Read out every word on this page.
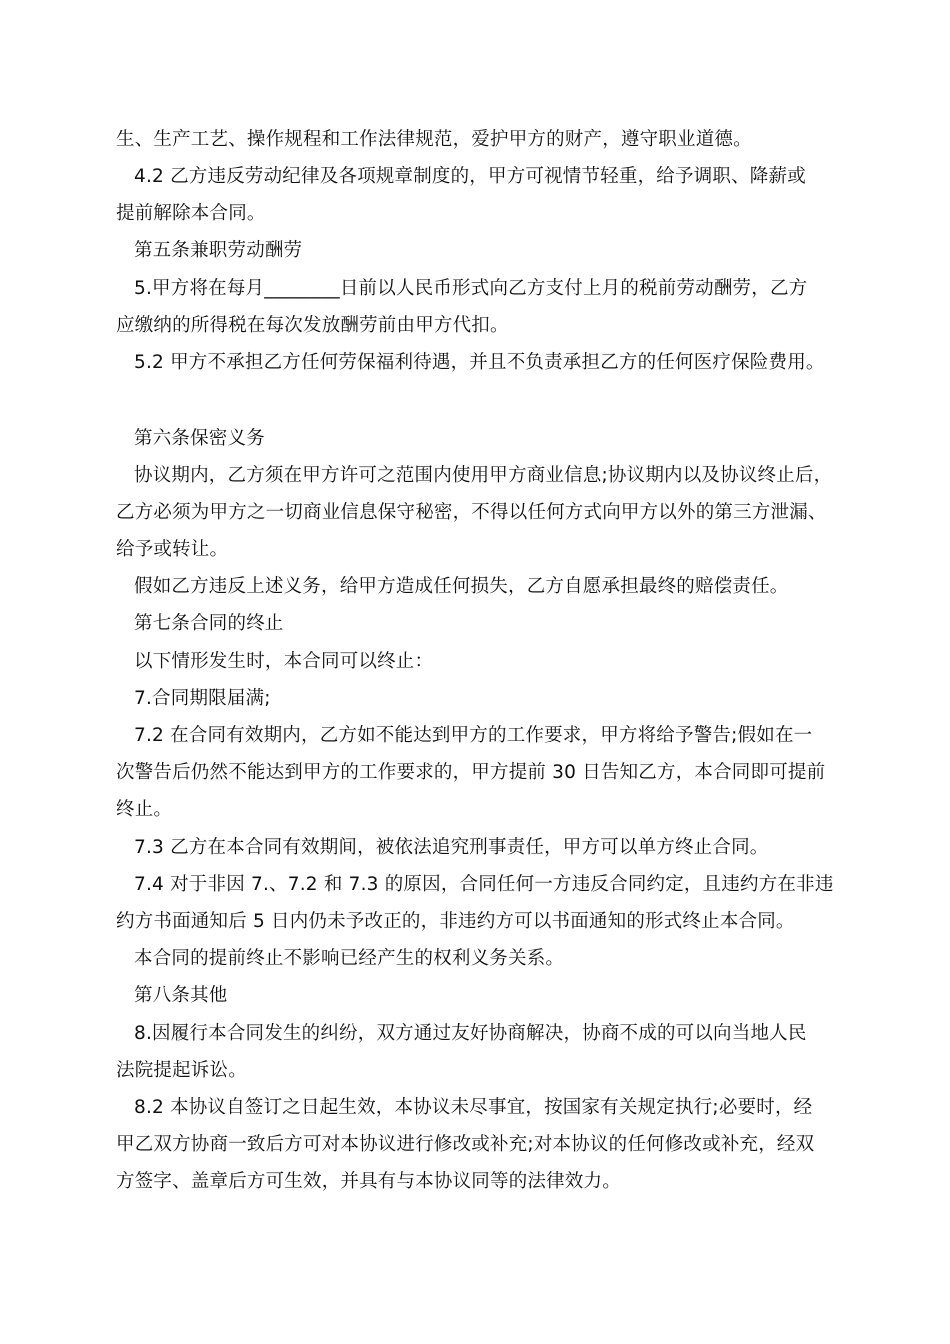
生、生产工艺、操作规程和工作法律规范，爱护甲方的财产，遵守职业道德。
4.2 乙方违反劳动纪律及各项规章制度的，甲方可视情节轻重，给予调职、降薪或
提前解除本合同。
第五条兼职劳动酬劳
5.甲方将在每月________日前以人民币形式向乙方支付上月的税前劳动酬劳，乙方
应缴纳的所得税在每次发放酬劳前由甲方代扣。
5.2 甲方不承担乙方任何劳保福利待遇，并且不负责承担乙方的任何医疗保险费用。
第六条保密义务
协议期内，乙方须在甲方许可之范围内使用甲方商业信息;协议期内以及协议终止后，
乙方必须为甲方之一切商业信息保守秘密，不得以任何方式向甲方以外的第三方泄漏、
给予或转让。
假如乙方违反上述义务，给甲方造成任何损失，乙方自愿承担最终的赔偿责任。
第七条合同的终止
以下情形发生时，本合同可以终止：
7.合同期限届满;
7.2 在合同有效期内，乙方如不能达到甲方的工作要求，甲方将给予警告;假如在一
次警告后仍然不能达到甲方的工作要求的，甲方提前 30 日告知乙方，本合同即可提前
终止。
7.3 乙方在本合同有效期间，被依法追究刑事责任，甲方可以单方终止合同。
7.4 对于非因 7.、7.2 和 7.3 的原因，合同任何一方违反合同约定，且违约方在非违
约方书面通知后 5 日内仍未予改正的，非违约方可以书面通知的形式终止本合同。
本合同的提前终止不影响已经产生的权利义务关系。
第八条其他
8.因履行本合同发生的纠纷，双方通过友好协商解决，协商不成的可以向当地人民
法院提起诉讼。
8.2 本协议自签订之日起生效，本协议未尽事宜，按国家有关规定执行;必要时，经
甲乙双方协商一致后方可对本协议进行修改或补充;对本协议的任何修改或补充，经双
方签字、盖章后方可生效，并具有与本协议同等的法律效力。
